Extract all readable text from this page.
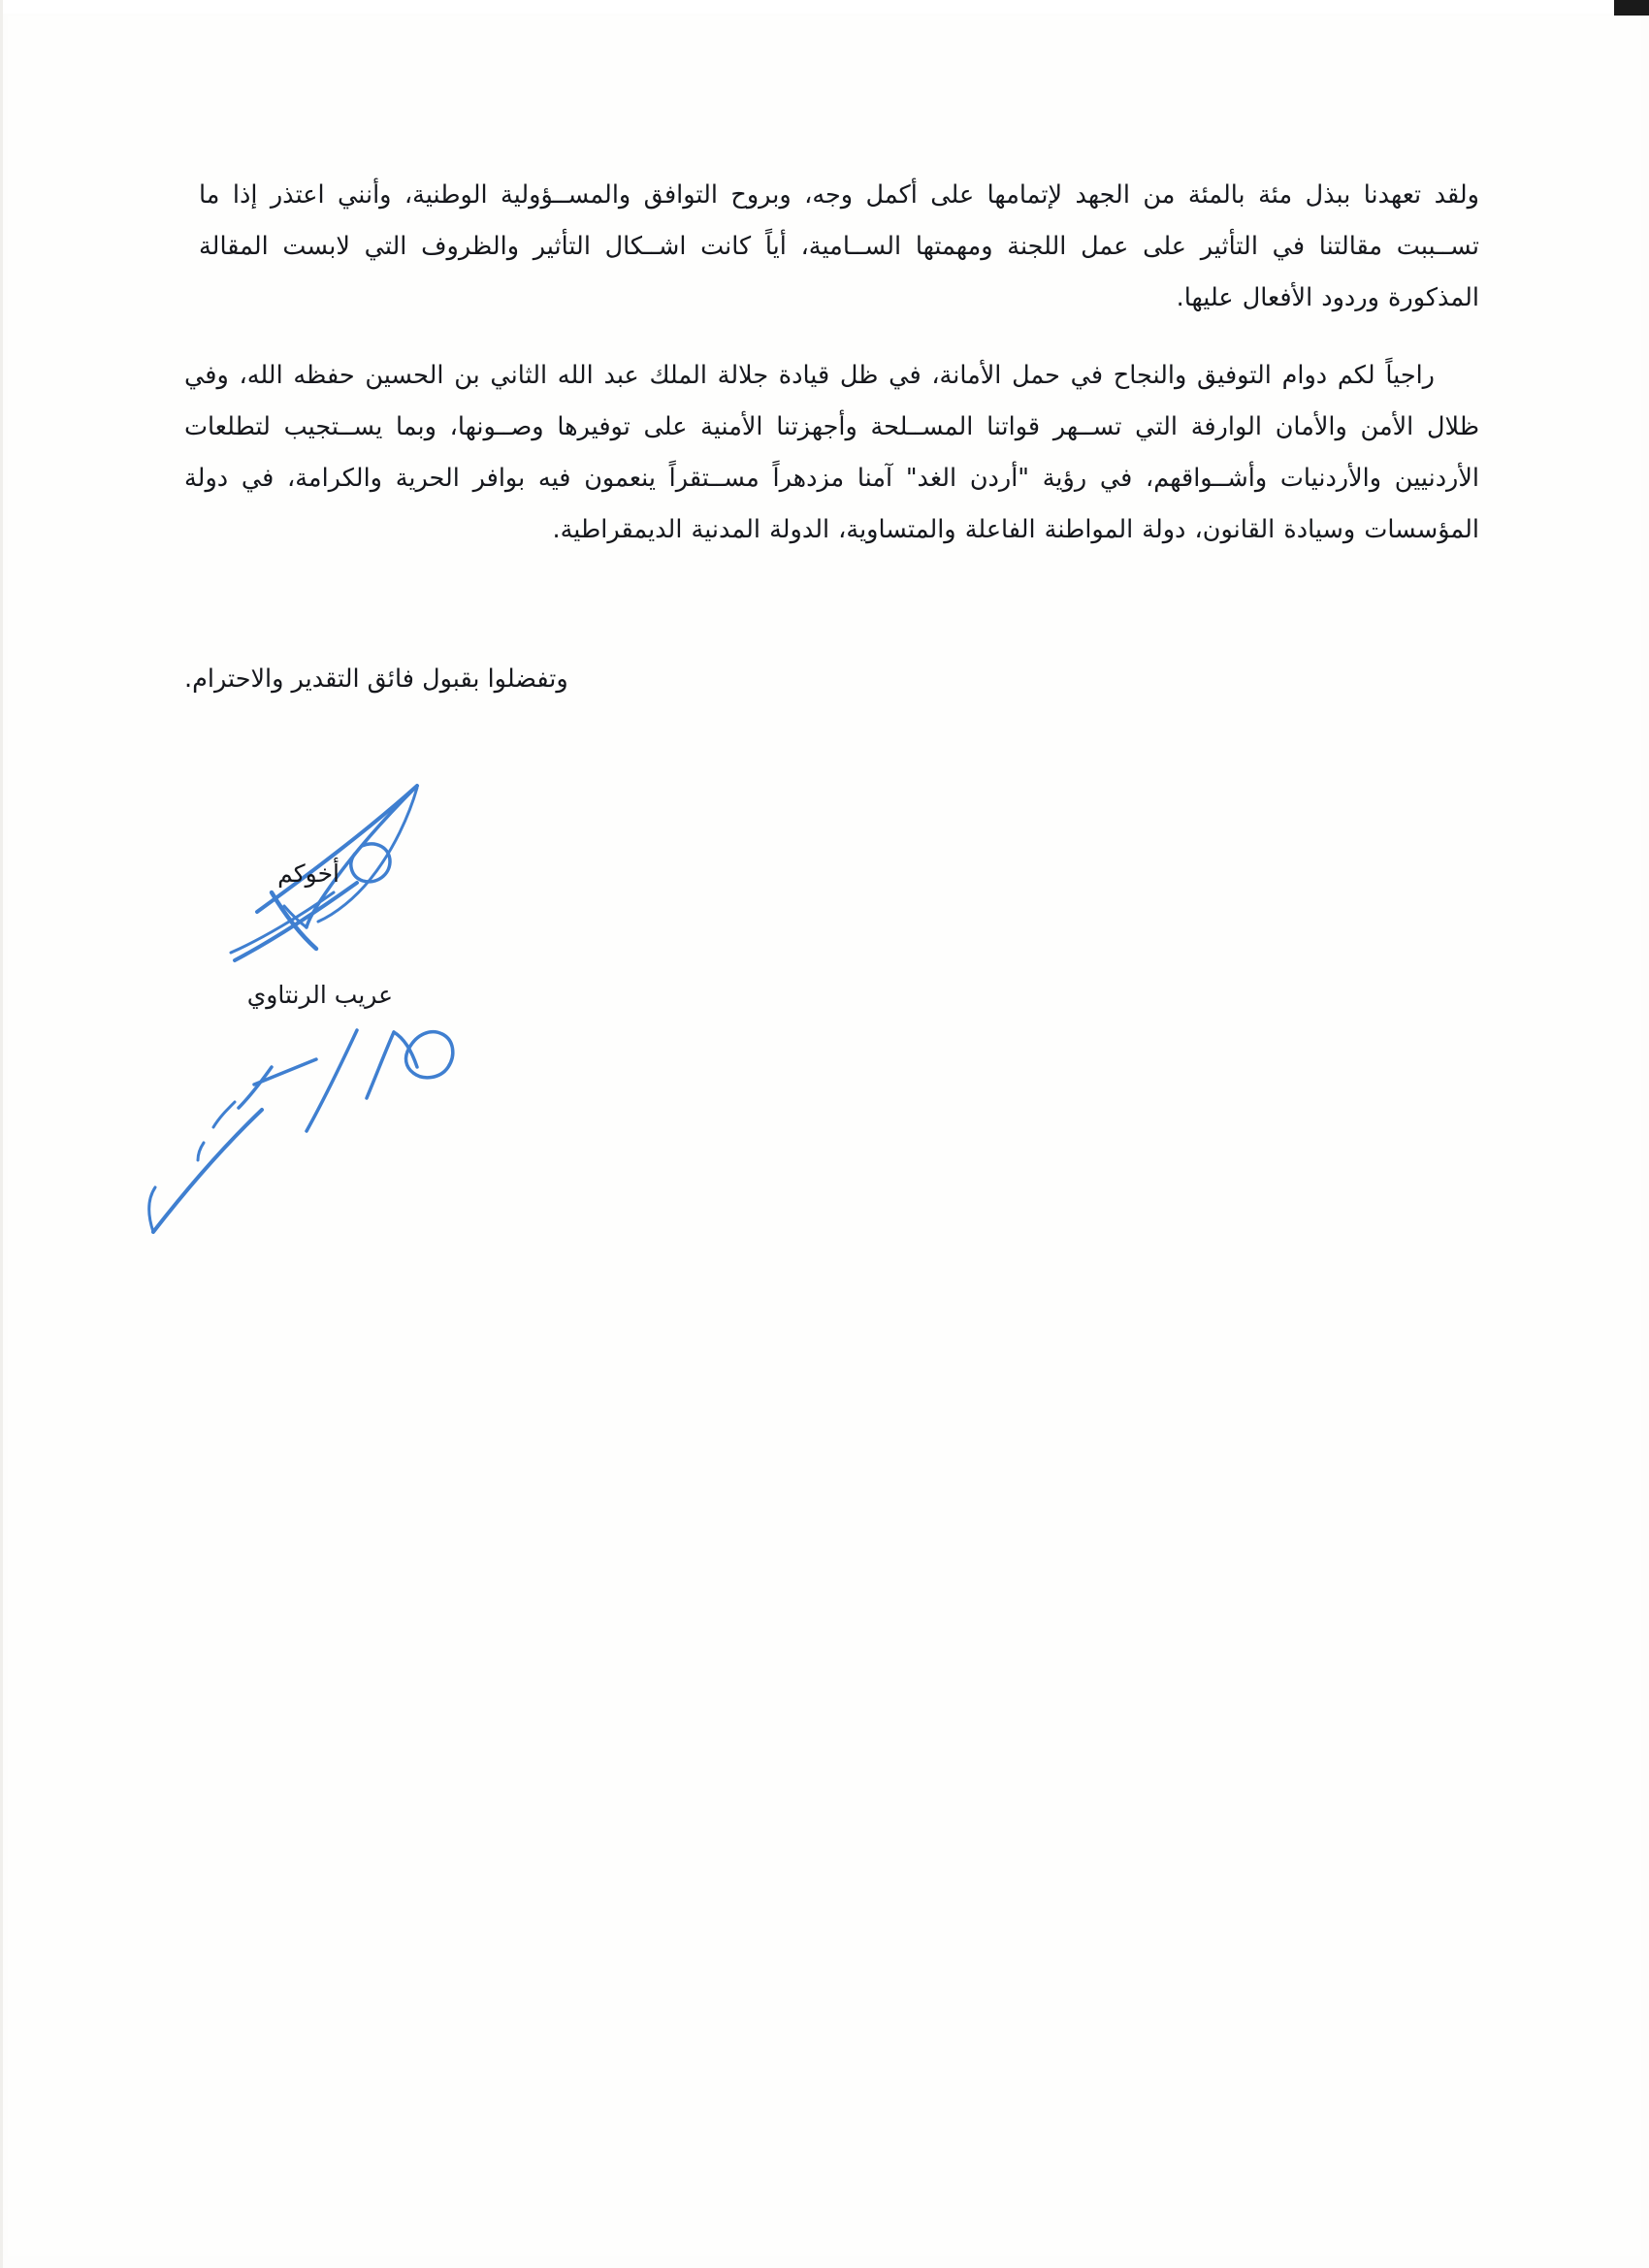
ولقد تعهدنا ببذل مئة بالمئة من الجهد لإتمامها على أكمل وجه، وبروح التوافق والمســؤولية الوطنية، وأنني اعتذر إذا ما تســببت مقالتنا في التأثير على عمل اللجنة ومهمتها الســامية، أياً كانت اشــكال التأثير والظروف التي لابست المقالة المذكورة وردود الأفعال عليها.

راجياً لكم دوام التوفيق والنجاح في حمل الأمانة، في ظل قيادة جلالة الملك عبد الله الثاني بن الحسين حفظه الله، وفي ظلال الأمن والأمان الوارفة التي تســهر قواتنا المســلحة وأجهزتنا الأمنية على توفيرها وصــونها، وبما يســتجيب لتطلعات الأردنيين والأردنيات وأشــواقهم، في رؤية "أردن الغد" آمنا مزدهراً مســتقراً ينعمون فيه بوافر الحرية والكرامة، في دولة المؤسسات وسيادة القانون، دولة المواطنة الفاعلة والمتساوية، الدولة المدنية الديمقراطية.

وتفضلوا بقبول فائق التقدير والاحترام.
أخوكم
عريب الرنتاوي
